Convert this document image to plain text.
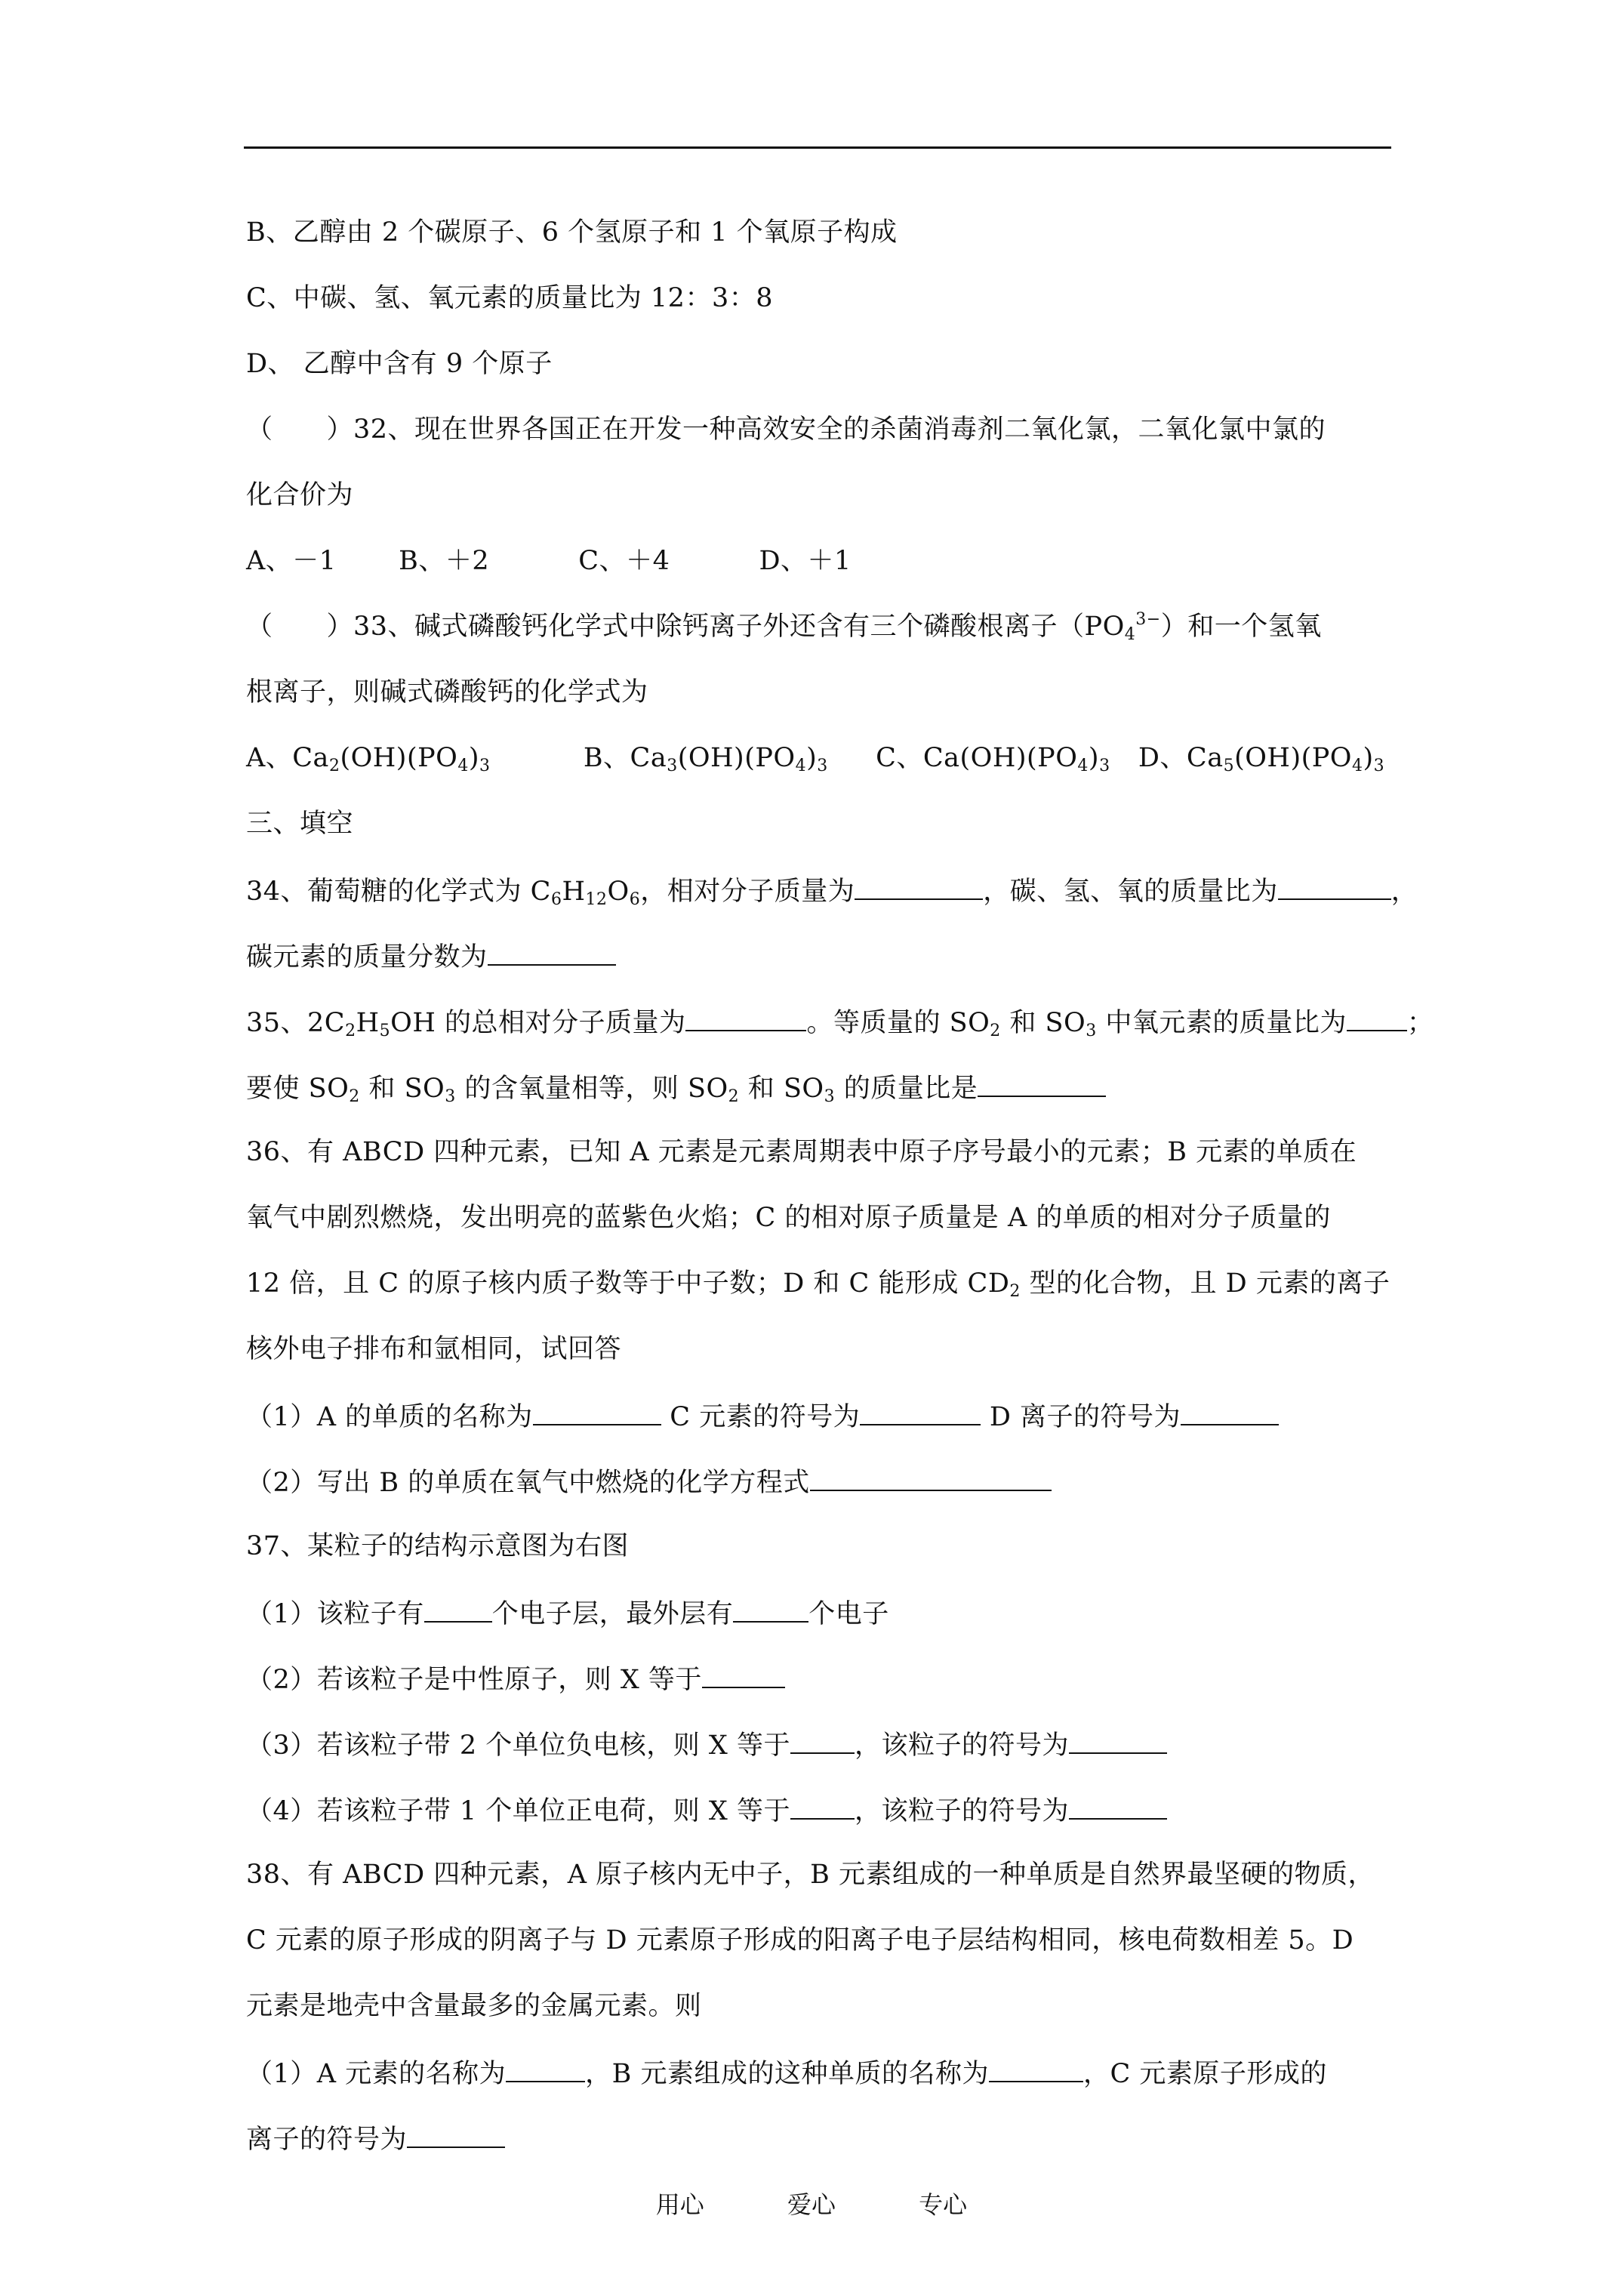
B、乙醇由 2 个碳原子、6 个氢原子和 1 个氧原子构成
C、中碳、氢、氧元素的质量比为 12：3：8
D、 乙醇中含有 9 个原子
（　　）32、现在世界各国正在开发一种高效安全的杀菌消毒剂二氧化氯，二氧化氯中氯的
化合价为
A、－1　　 B、＋2　　　 C、＋4　　　 D、＋1
（　　）33、碱式磷酸钙化学式中除钙离子外还含有三个磷酸根离子$(PO_4^{3-})$和一个氢氧
根离子，则碱式磷酸钙的化学式为
A、$Ca_2(OH)(PO_4)_3$	B、$Ca_3(OH)(PO_4)_3$ C、$Ca(OH)(PO_4)_3$ D、$Ca_5(OH)(PO_4)_3$
三、填空
34、葡萄糖的化学式为 $C_6H_{12}O_6$，相对分子质量为	，碳、氢、氧的质量比为	，
碳元素的质量分数为
35、$2C_2H_5OH$ 的总相对分子质量为	。等质量的 $SO_2$ 和 $SO_3$ 中氧元素的质量比为 ；
要使 $SO_2$ 和 $SO_3$ 的含氧量相等，则 $SO_2$ 和 $SO_3$ 的质量比是
36、有 ABCD 四种元素，已知 A 元素是元素周期表中原子序号最小的元素；B 元素的单质在
氧气中剧烈燃烧，发出明亮的蓝紫色火焰；C 的相对原子质量是 A 的单质的相对分子质量的
12 倍，且 C 的原子核内质子数等于中子数；D 和 C 能形成 $CD_2$ 型的化合物，且 D 元素的离子
核外电子排布和氩相同，试回答
（1）A 的单质的名称为	C 元素的符号为	D 离子的符号为
（2）写出 B 的单质在氧气中燃烧的化学方程式
37、某粒子的结构示意图为右图
（1）该粒子有	个电子层，最外层有	个电子
（2）若该粒子是中性原子，则 X 等于
（3）若该粒子带 2 个单位负电核，则 X 等于 ，该粒子的符号为
（4）若该粒子带 1 个单位正电荷，则 X 等于 ，该粒子的符号为
38、有 ABCD 四种元素，A 原子核内无中子，B 元素组成的一种单质是自然界最坚硬的物质，
C 元素的原子形成的阴离子与 D 元素原子形成的阳离子电子层结构相同，核电荷数相差 5。D
元素是地壳中含量最多的金属元素。则
（1）A 元素的名称为	，B 元素组成的这种单质的名称为	，C 元素原子形成的
离子的符号为
用心	爱心	专心
